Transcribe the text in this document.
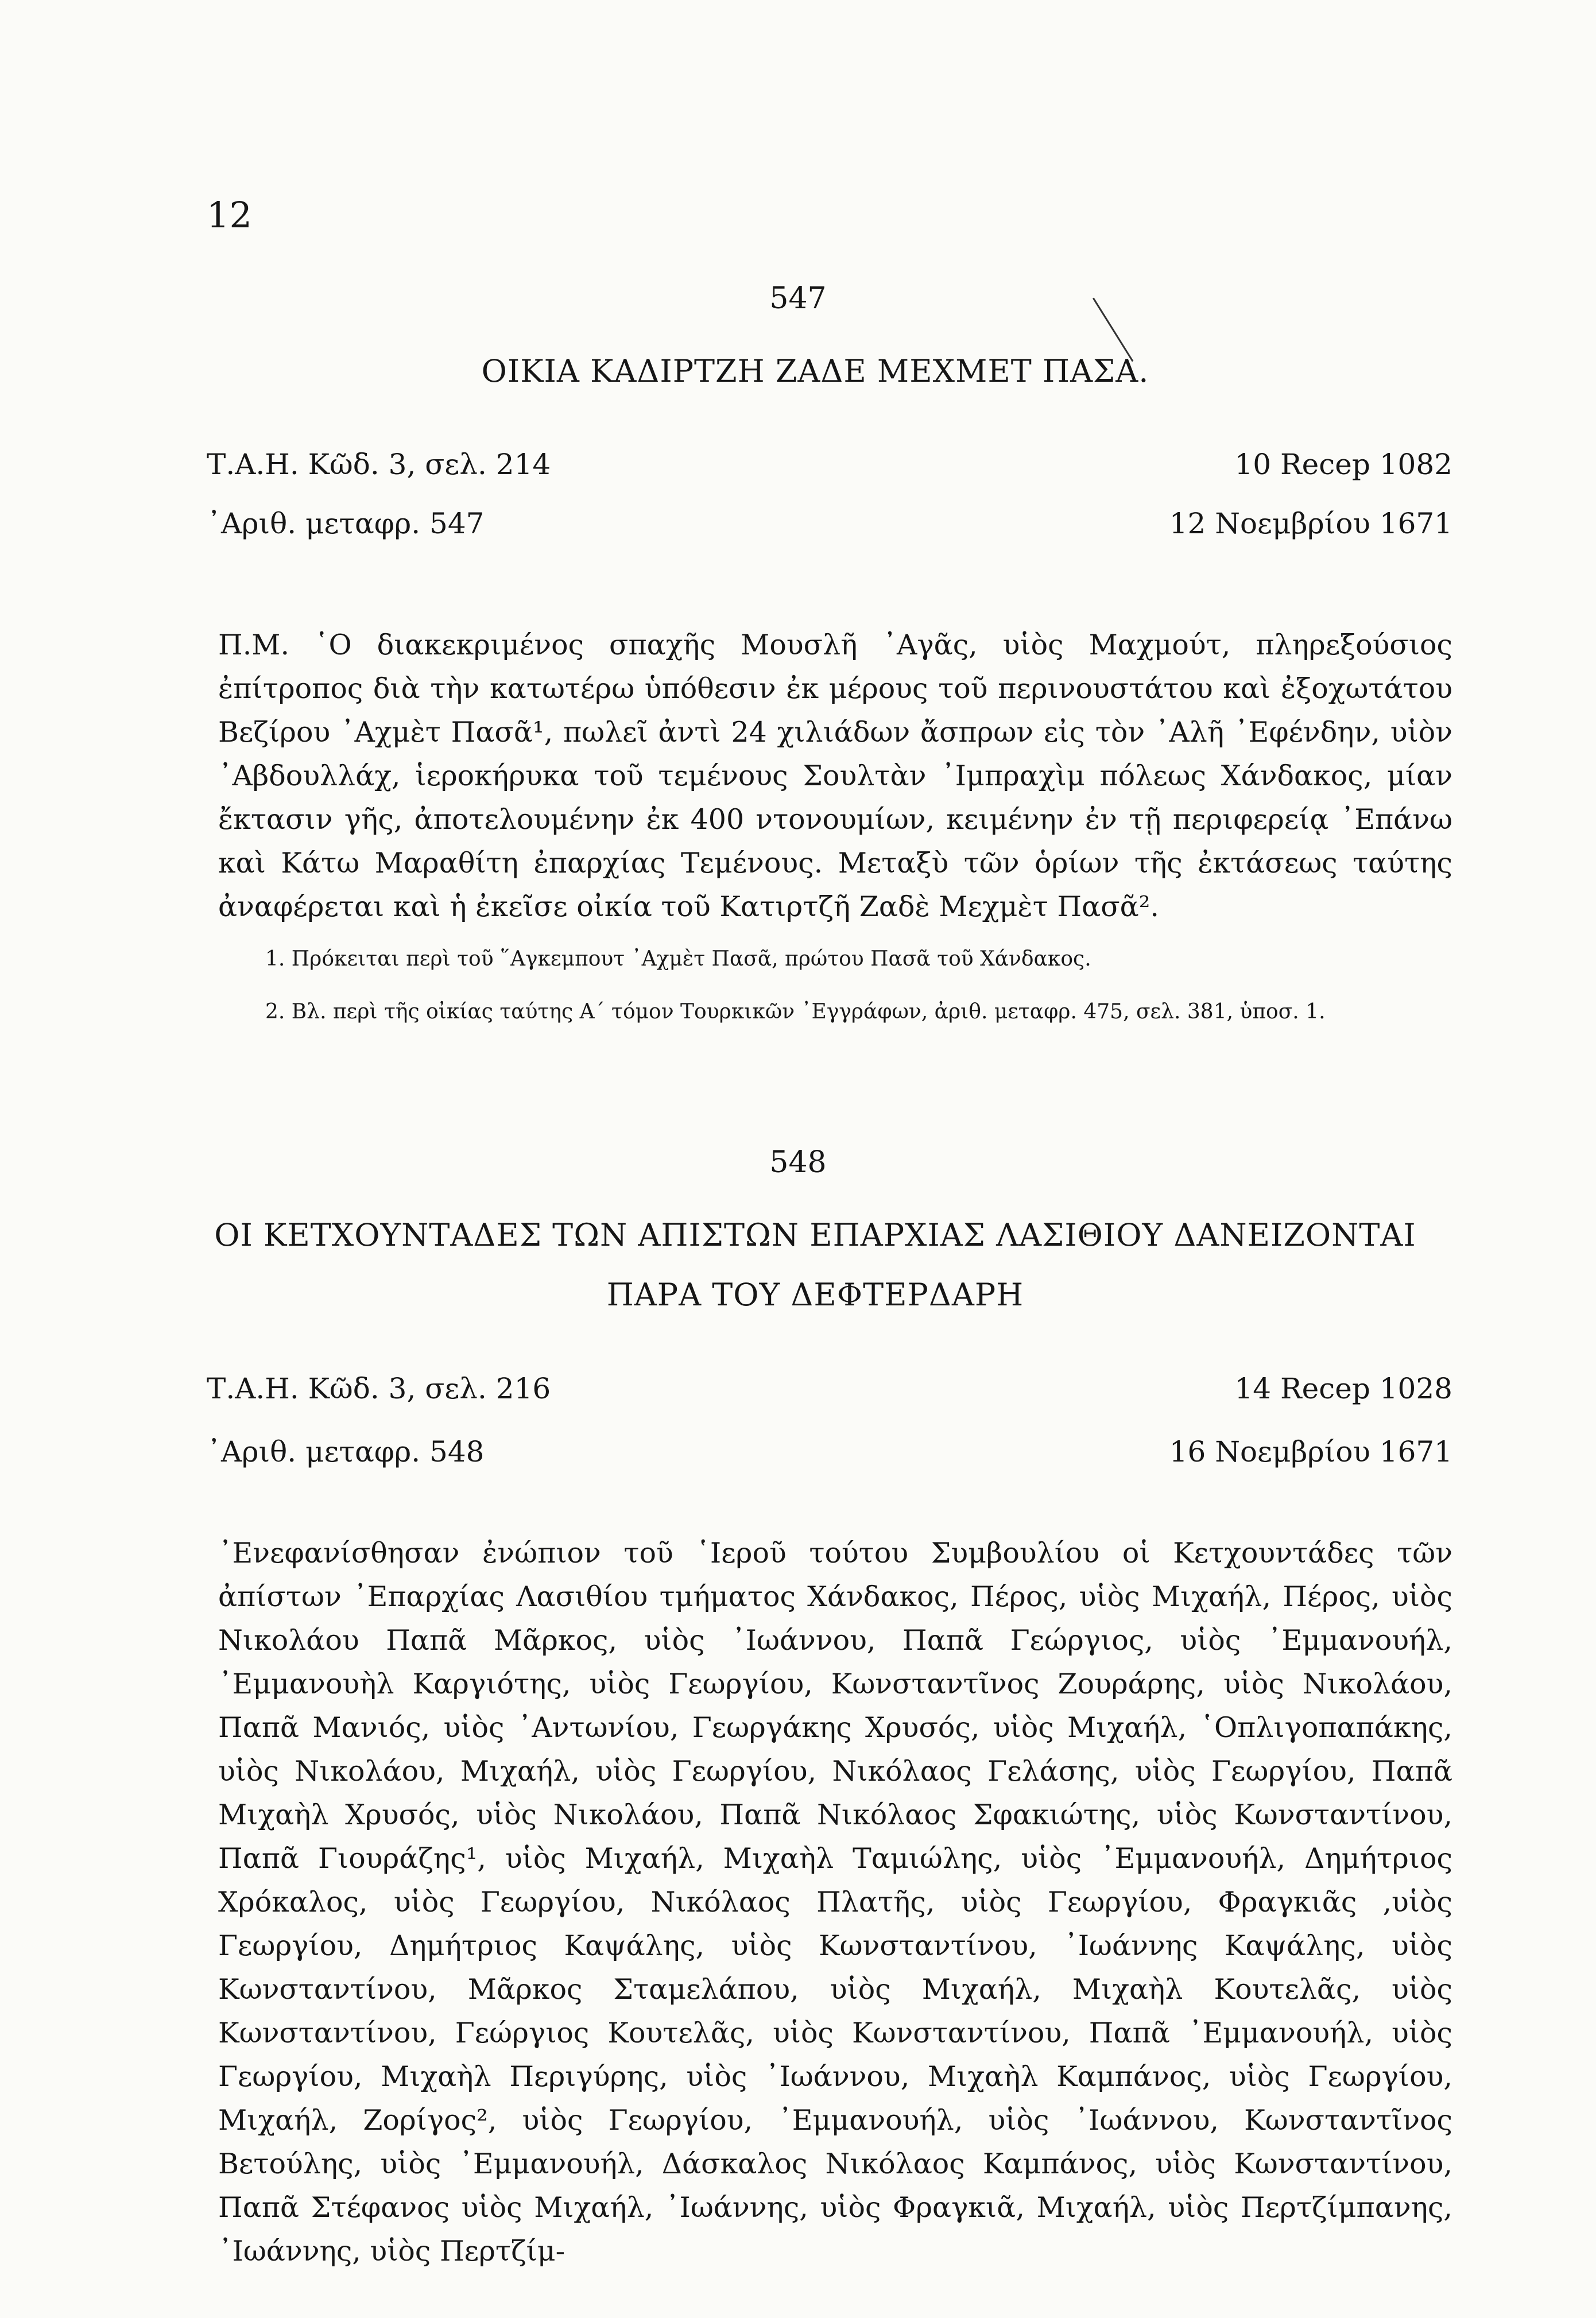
12
547
ΟΙΚΙΑ ΚΑΔΙΡΤΖΗ ΖΑΔΕ ΜΕΧΜΕΤ ΠΑΣΑ.
Τ.Α.Η. Κῶδ. 3, σελ. 214	10 Recep 1082
᾿Αριθ. μεταφρ. 547	12 Νοεμβρίου 1671

Π.Μ. ῾Ο διακεκριμένος σπαχῆς Μουσλῆ ᾿Αγᾶς, υἱὸς Μαχμούτ, πληρεξούσιος ἐπίτροπος διὰ τὴν κατωτέρω ὑπόθεσιν ἐκ μέρους τοῦ περινουστάτου καὶ ἐξοχωτάτου Βεζίρου ᾿Αχμὲτ Πασᾶ¹, πωλεῖ ἀντὶ 24 χιλιάδων ἄσπρων εἰς τὸν ᾿Αλῆ ᾿Εφένδην, υἱὸν ᾿Αβδουλλάχ, ἱεροκήρυκα τοῦ τεμένους Σουλτὰν ᾿Ιμπραχὶμ πόλεως Χάνδακος, μίαν ἔκτασιν γῆς, ἀποτελουμένην ἐκ 400 ντονουμίων, κειμένην ἐν τῇ περιφερείᾳ ᾿Επάνω καὶ Κάτω Μαραθίτη ἐπαρχίας Τεμένους. Μεταξὺ τῶν ὁρίων τῆς ἐκτάσεως ταύτης ἀναφέρεται καὶ ἡ ἐκεῖσε οἰκία τοῦ Κατιρτζῆ Ζαδὲ Μεχμὲτ Πασᾶ².

1. Πρόκειται περὶ τοῦ ῞Αγκεμπουτ ᾿Αχμὲτ Πασᾶ, πρώτου Πασᾶ τοῦ Χάνδακος.

2. Βλ. περὶ τῆς οἰκίας ταύτης Α´ τόμον Τουρκικῶν ᾿Εγγράφων, ἀριθ. μεταφρ. 475, σελ. 381, ὑποσ. 1.

548
ΟΙ ΚΕΤΧΟΥΝΤΑΔΕΣ ΤΩΝ ΑΠΙΣΤΩΝ ΕΠΑΡΧΙΑΣ ΛΑΣΙΘΙΟΥ ΔΑΝΕΙΖΟΝΤΑΙ
ΠΑΡΑ ΤΟΥ ΔΕΦΤΕΡΔΑΡΗ
Τ.Α.Η. Κῶδ. 3, σελ. 216	14 Recep 1028
᾿Αριθ. μεταφρ. 548	16 Νοεμβρίου 1671

᾿Ενεφανίσθησαν ἐνώπιον τοῦ ῾Ιεροῦ τούτου Συμβουλίου οἱ Κετχουντάδες τῶν ἀπίστων ᾿Επαρχίας Λασιθίου τμήματος Χάνδακος, Πέρος, υἱὸς Μιχαήλ, Πέρος, υἱὸς Νικολάου Παπᾶ Μᾶρκος, υἱὸς ᾿Ιωάννου, Παπᾶ Γεώργιος, υἱὸς ᾿Εμμανουήλ, ᾿Εμμανουὴλ Καργιότης, υἱὸς Γεωργίου, Κωνσταντῖνος Ζουράρης, υἱὸς Νικολάου, Παπᾶ Μανιός, υἱὸς ᾿Αντωνίου, Γεωργάκης Χρυσός, υἱὸς Μιχαήλ, ῾Οπλιγοπαπάκης, υἱὸς Νικολάου, Μιχαήλ, υἱὸς Γεωργίου, Νικόλαος Γελάσης, υἱὸς Γεωργίου, Παπᾶ Μιχαὴλ Χρυσός, υἱὸς Νικολάου, Παπᾶ Νικόλαος Σφακιώτης, υἱὸς Κωνσταντίνου, Παπᾶ Γιουράζης¹, υἱὸς Μιχαήλ, Μιχαὴλ Ταμιώλης, υἱὸς ᾿Εμμανουήλ, Δημήτριος Χρόκαλος, υἱὸς Γεωργίου, Νικόλαος Πλατῆς, υἱὸς Γεωργίου, Φραγκιᾶς ,υἱὸς Γεωργίου, Δημήτριος Καψάλης, υἱὸς Κωνσταντίνου, ᾿Ιωάννης Καψάλης, υἱὸς Κωνσταντίνου, Μᾶρκος Σταμελάπου, υἱὸς Μιχαήλ, Μιχαὴλ Κουτελᾶς, υἱὸς Κωνσταντίνου, Γεώργιος Κουτελᾶς, υἱὸς Κωνσταντίνου, Παπᾶ ᾿Εμμανουήλ, υἱὸς Γεωργίου, Μιχαὴλ Περιγύρης, υἱὸς ᾿Ιωάννου, Μιχαὴλ Καμπάνος, υἱὸς Γεωργίου, Μιχαήλ, Ζορίγος², υἱὸς Γεωργίου, ᾿Εμμανουήλ, υἱὸς ᾿Ιωάννου, Κωνσταντῖνος Βετούλης, υἱὸς ᾿Εμμανουήλ, Δάσκαλος Νικόλαος Καμπάνος, υἱὸς Κωνσταντίνου, Παπᾶ Στέφανος υἱὸς Μιχαήλ, ᾿Ιωάννης, υἱὸς Φραγκιᾶ, Μιχαήλ, υἱὸς Περτζίμπανης, ᾿Ιωάννης, υἱὸς Περτζίμ-
